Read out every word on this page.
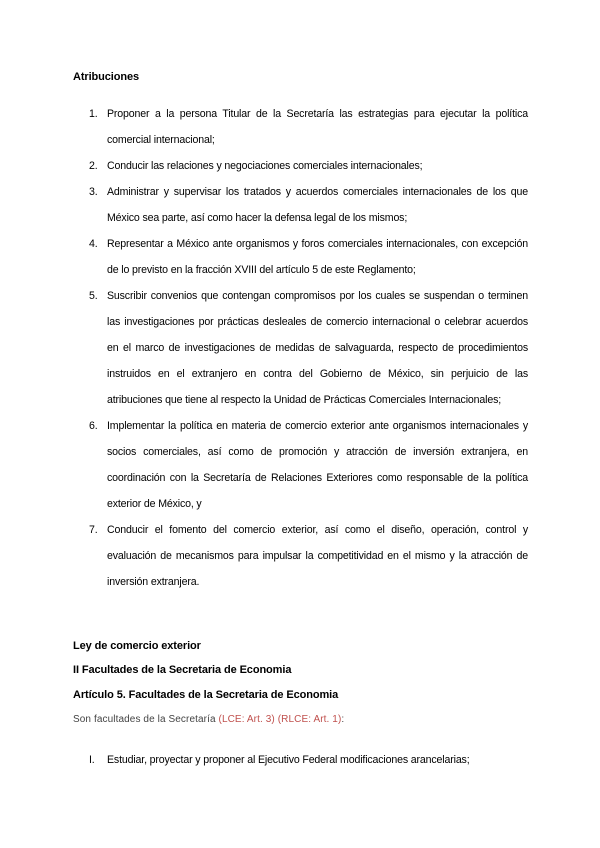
Atribuciones
1. Proponer a la persona Titular de la Secretaría las estrategias para ejecutar la política comercial internacional;
2. Conducir las relaciones y negociaciones comerciales internacionales;
3. Administrar y supervisar los tratados y acuerdos comerciales internacionales de los que México sea parte, así como hacer la defensa legal de los mismos;
4. Representar a México ante organismos y foros comerciales internacionales, con excepción de lo previsto en la fracción XVIII del artículo 5 de este Reglamento;
5. Suscribir convenios que contengan compromisos por los cuales se suspendan o terminen las investigaciones por prácticas desleales de comercio internacional o celebrar acuerdos en el marco de investigaciones de medidas de salvaguarda, respecto de procedimientos instruidos en el extranjero en contra del Gobierno de México, sin perjuicio de las atribuciones que tiene al respecto la Unidad de Prácticas Comerciales Internacionales;
6. Implementar la política en materia de comercio exterior ante organismos internacionales y socios comerciales, así como de promoción y atracción de inversión extranjera, en coordinación con la Secretaría de Relaciones Exteriores como responsable de la política exterior de México, y
7. Conducir el fomento del comercio exterior, así como el diseño, operación, control y evaluación de mecanismos para impulsar la competitividad en el mismo y la atracción de inversión extranjera.
Ley de comercio exterior
II Facultades de la Secretaria de Economia
Artículo 5. Facultades de la Secretaria de Economia
Son facultades de la Secretaría (LCE: Art. 3) (RLCE: Art. 1):
I. Estudiar, proyectar y proponer al Ejecutivo Federal modificaciones arancelarias;
